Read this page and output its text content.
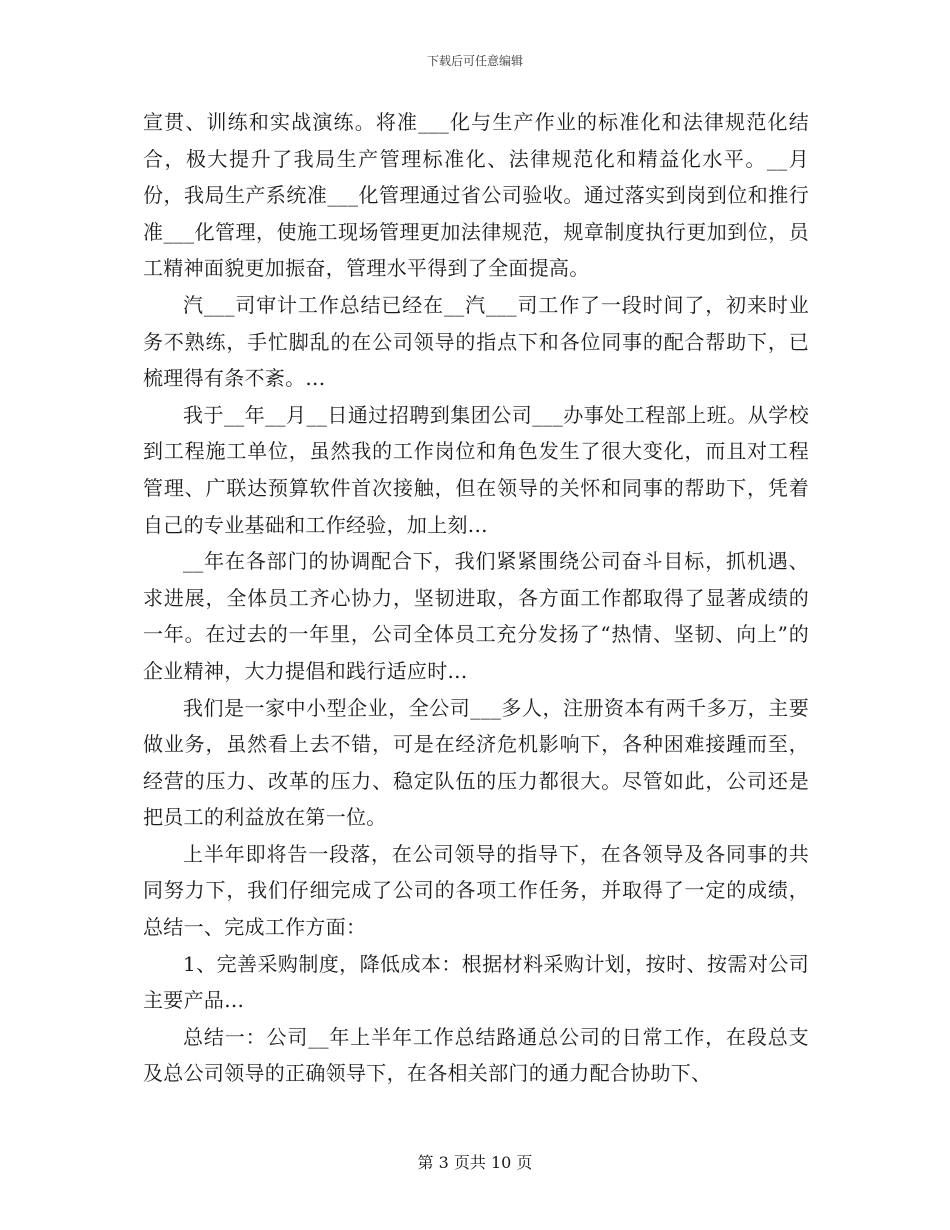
下载后可任意编辑

宣贯、训练和实战演练。将准___化与生产作业的标准化和法律规范化结合，极大提升了我局生产管理标准化、法律规范化和精益化水平。__月份，我局生产系统准___化管理通过省公司验收。通过落实到岗到位和推行准___化管理，使施工现场管理更加法律规范，规章制度执行更加到位，员工精神面貌更加振奋，管理水平得到了全面提高。

汽___司审计工作总结已经在__汽___司工作了一段时间了，初来时业务不熟练，手忙脚乱的在公司领导的指点下和各位同事的配合帮助下，已梳理得有条不紊。...

我于__年__月__日通过招聘到集团公司___办事处工程部上班。从学校到工程施工单位，虽然我的工作岗位和角色发生了很大变化，而且对工程管理、广联达预算软件首次接触，但在领导的关怀和同事的帮助下，凭着自己的专业基础和工作经验，加上刻...

__年在各部门的协调配合下，我们紧紧围绕公司奋斗目标，抓机遇、求进展，全体员工齐心协力，坚韧进取，各方面工作都取得了显著成绩的一年。在过去的一年里，公司全体员工充分发扬了“热情、坚韧、向上”的企业精神，大力提倡和践行适应时...

我们是一家中小型企业，全公司___多人，注册资本有两千多万，主要做业务，虽然看上去不错，可是在经济危机影响下，各种困难接踵而至，经营的压力、改革的压力、稳定队伍的压力都很大。尽管如此，公司还是把员工的利益放在第一位。

上半年即将告一段落，在公司领导的指导下，在各领导及各同事的共同努力下，我们仔细完成了公司的各项工作任务，并取得了一定的成绩，总结一、完成工作方面：

1、完善采购制度，降低成本：根据材料采购计划，按时、按需对公司主要产品...

总结一：公司__年上半年工作总结路通总公司的日常工作，在段总支及总公司领导的正确领导下，在各相关部门的通力配合协助下、

第 3 页共 10 页
